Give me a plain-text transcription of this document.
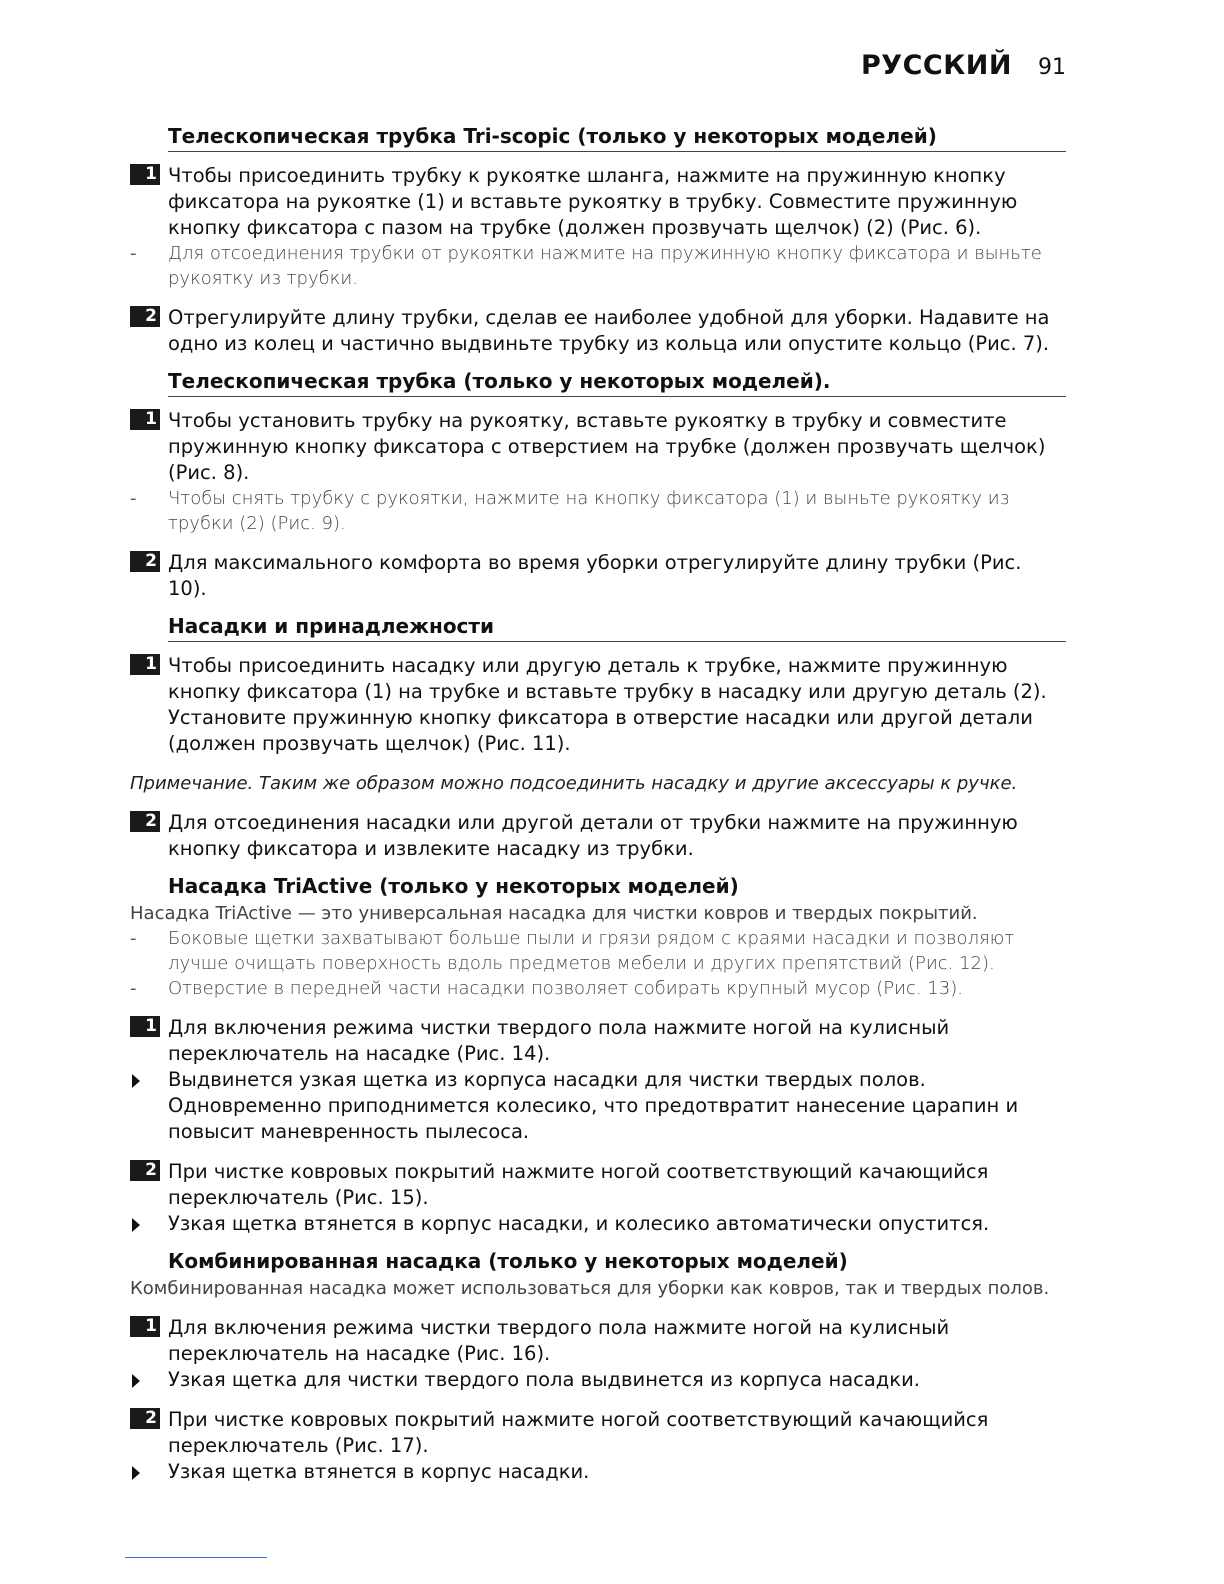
РУССКИЙ 91
Телескопическая трубка Tri-scopic (только у некоторых моделей)
1 Чтобы присоединить трубку к рукоятке шланга, нажмите на пружинную кнопку фиксатора на рукоятке (1) и вставьте рукоятку в трубку. Совместите пружинную кнопку фиксатора с пазом на трубке (должен прозвучать щелчок) (2) (Рис. 6).
-	Для отсоединения трубки от рукоятки нажмите на пружинную кнопку фиксатора и выньте рукоятку из трубки.
2 Отрегулируйте длину трубки, сделав ее наиболее удобной для уборки. Надавите на одно из колец и частично выдвиньте трубку из кольца или опустите кольцо (Рис. 7).
Телескопическая трубка (только у некоторых моделей).
1 Чтобы установить трубку на рукоятку, вставьте рукоятку в трубку и совместите пружинную кнопку фиксатора с отверстием на трубке (должен прозвучать щелчок) (Рис. 8).
-	Чтобы снять трубку с рукоятки, нажмите на кнопку фиксатора (1) и выньте рукоятку из трубки (2) (Рис. 9).
2 Для максимального комфорта во время уборки отрегулируйте длину трубки (Рис. 10).
Насадки и принадлежности
1 Чтобы присоединить насадку или другую деталь к трубке, нажмите пружинную кнопку фиксатора (1) на трубке и вставьте трубку в насадку или другую деталь (2). Установите пружинную кнопку фиксатора в отверстие насадки или другой детали (должен прозвучать щелчок) (Рис. 11).
Примечание. Таким же образом можно подсоединить насадку и другие аксессуары к ручке.
2 Для отсоединения насадки или другой детали от трубки нажмите на пружинную кнопку фиксатора и извлеките насадку из трубки.
Насадка TriActive (только у некоторых моделей)
Насадка TriActive — это универсальная насадка для чистки ковров и твердых покрытий.
-	Боковые щетки захватывают больше пыли и грязи рядом с краями насадки и позволяют лучше очищать поверхность вдоль предметов мебели и других препятствий (Рис. 12).
-	Отверстие в передней части насадки позволяет собирать крупный мусор (Рис. 13).
1 Для включения режима чистки твердого пола нажмите ногой на кулисный переключатель на насадке (Рис. 14).
Выдвинется узкая щетка из корпуса насадки для чистки твердых полов. Одновременно приподнимется колесико, что предотвратит нанесение царапин и повысит маневренность пылесоса.
2 При чистке ковровых покрытий нажмите ногой соответствующий качающийся переключатель (Рис. 15).
Узкая щетка втянется в корпус насадки, и колесико автоматически опустится.
Комбинированная насадка (только у некоторых моделей)
Комбинированная насадка может использоваться для уборки как ковров, так и твердых полов.
1 Для включения режима чистки твердого пола нажмите ногой на кулисный переключатель на насадке (Рис. 16).
Узкая щетка для чистки твердого пола выдвинется из корпуса насадки.
2 При чистке ковровых покрытий нажмите ногой соответствующий качающийся переключатель (Рис. 17).
Узкая щетка втянется в корпус насадки.
